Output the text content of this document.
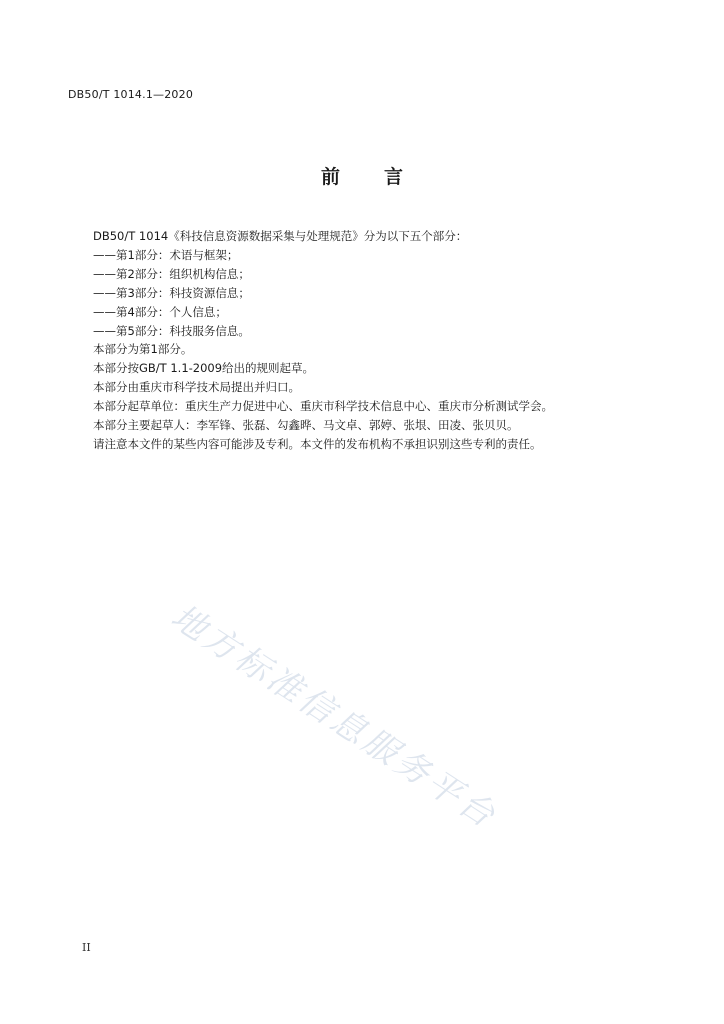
DB50/T 1014.1—2020
前言
DB50/T 1014《科技信息资源数据采集与处理规范》分为以下五个部分：
——第1部分：术语与框架；
——第2部分：组织机构信息；
——第3部分：科技资源信息；
——第4部分：个人信息；
——第5部分：科技服务信息。
本部分为第1部分。
本部分按GB/T 1.1-2009给出的规则起草。
本部分由重庆市科学技术局提出并归口。
本部分起草单位：重庆生产力促进中心、重庆市科学技术信息中心、重庆市分析测试学会。
本部分主要起草人：李军锋、张磊、勾鑫晔、马文卓、郭婷、张垠、田凌、张贝贝。
请注意本文件的某些内容可能涉及专利。本文件的发布机构不承担识别这些专利的责任。
地方标准信息服务平台
II
